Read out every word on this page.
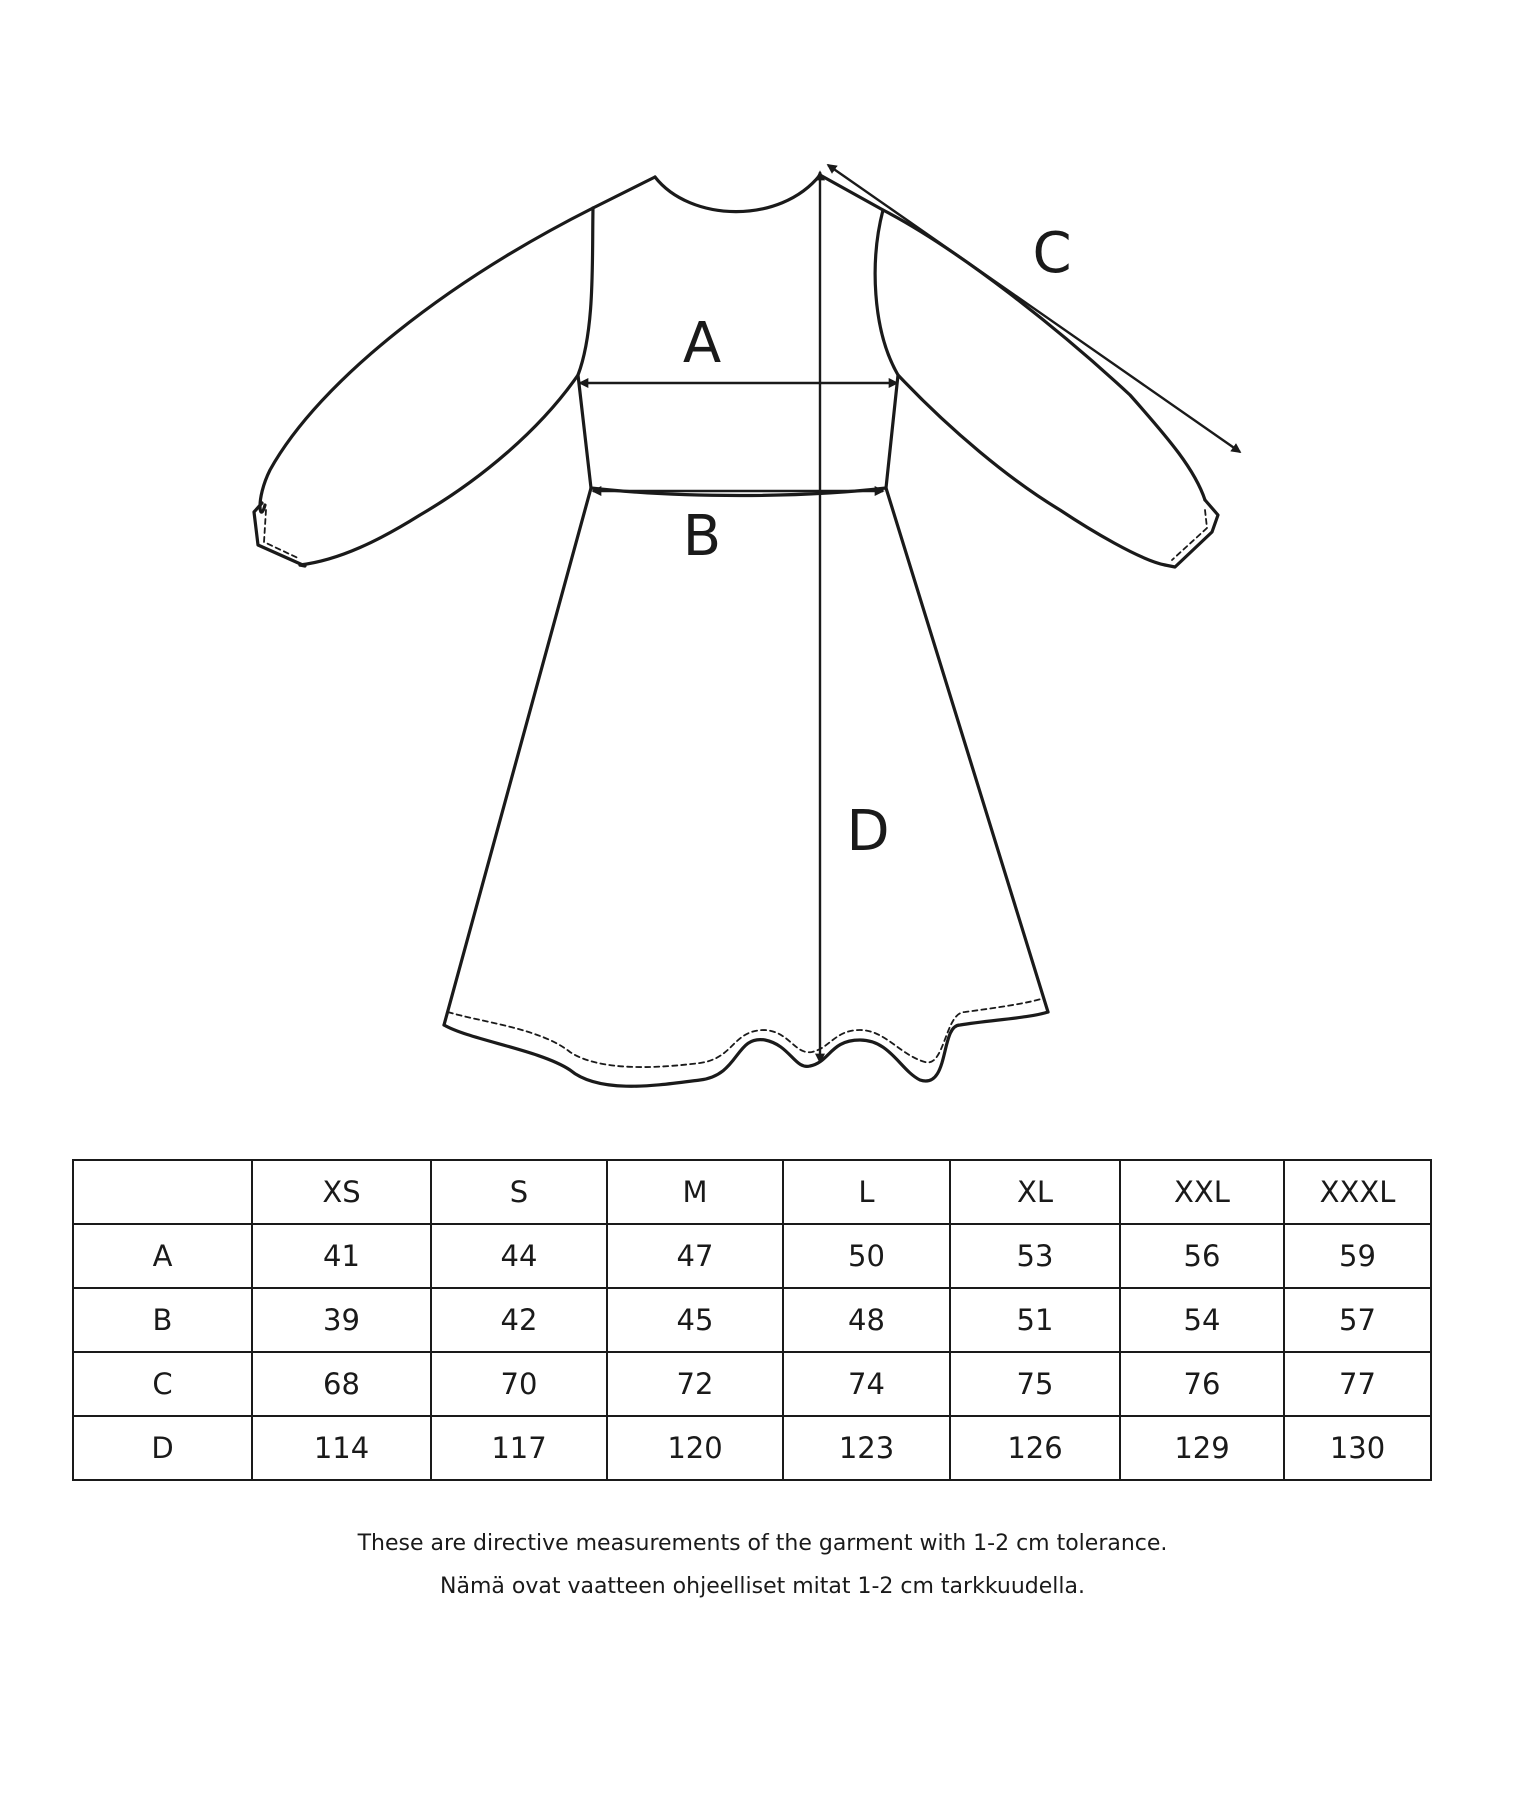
A
B
C
D
	XS	S	M	L	XL	XXL	XXXL
A	41	44	47	50	53	56	59
B	39	42	45	48	51	54	57
C	68	70	72	74	75	76	77
D	114	117	120	123	126	129	130
These are directive measurements of the garment with 1-2 cm tolerance.
Nämä ovat vaatteen ohjeelliset mitat 1-2 cm tarkkuudella.
